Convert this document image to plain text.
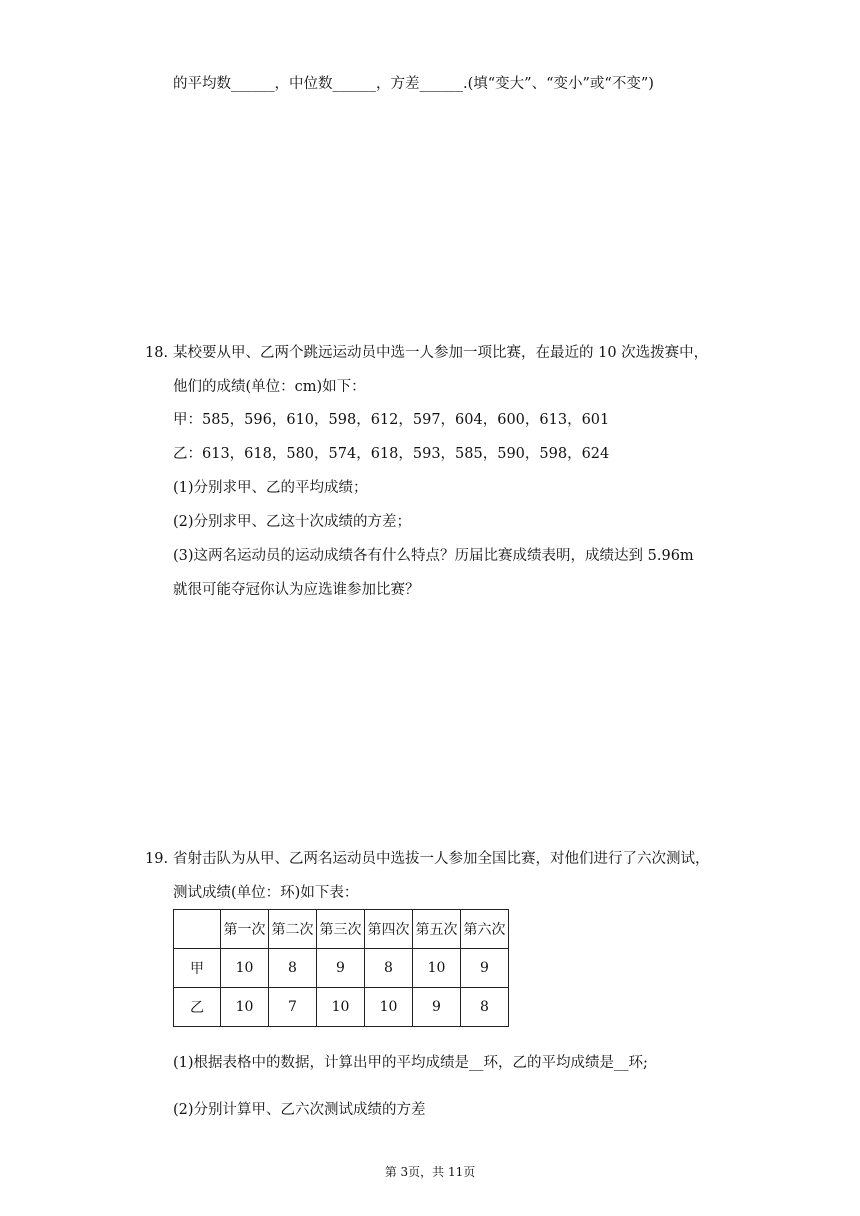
的平均数______，中位数______，方差______.(填“变大”、“变小”或“不变”)
18. 某校要从甲、乙两个跳远运动员中选一人参加一项比赛，在最近的 10 次选拨赛中，
他们的成绩(单位：cm)如下：
甲：585，596，610，598，612，597，604，600，613，601
乙：613，618，580，574，618，593，585，590，598，624
(1)分别求甲、乙的平均成绩；
(2)分别求甲、乙这十次成绩的方差；
(3)这两名运动员的运动成绩各有什么特点？历届比赛成绩表明，成绩达到 5.96m
就很可能夺冠你认为应选谁参加比赛？
19. 省射击队为从甲、乙两名运动员中选拔一人参加全国比赛，对他们进行了六次测试，
测试成绩(单位：环)如下表：
	第一次	第二次	第三次	第四次	第五次	第六次
甲	10	8	9	8	10	9
乙	10	7	10	10	9	8
(1)根据表格中的数据，计算出甲的平均成绩是__环，乙的平均成绩是__环;
(2)分别计算甲、乙六次测试成绩的方差
第 3页，共 11页
